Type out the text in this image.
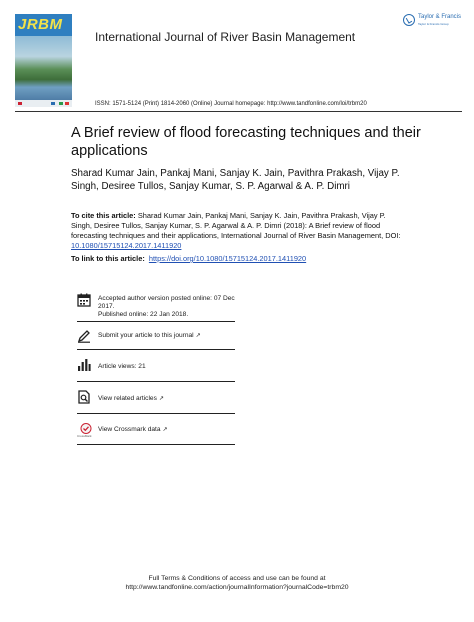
JRBM
International Journal of River Basin Management
Taylor & Francis
Taylor & Francis Group
ISSN: 1571-5124 (Print) 1814-2060 (Online) Journal homepage: http://www.tandfonline.com/loi/trbm20
A Brief review of flood forecasting techniques and their applications
Sharad Kumar Jain, Pankaj Mani, Sanjay K. Jain, Pavithra Prakash, Vijay P. Singh, Desiree Tullos, Sanjay Kumar, S. P. Agarwal & A. P. Dimri
To cite this article: Sharad Kumar Jain, Pankaj Mani, Sanjay K. Jain, Pavithra Prakash, Vijay P. Singh, Desiree Tullos, Sanjay Kumar, S. P. Agarwal & A. P. Dimri (2018): A Brief review of flood forecasting techniques and their applications, International Journal of River Basin Management, DOI: 10.1080/15715124.2017.1411920
To link to this article: https://doi.org/10.1080/15715124.2017.1411920
Accepted author version posted online: 07 Dec 2017.
Published online: 22 Jan 2018.
Submit your article to this journal ↗
Article views: 21
View related articles ↗
CrossMark
View Crossmark data ↗
Full Terms & Conditions of access and use can be found at
http://www.tandfonline.com/action/journalInformation?journalCode=trbm20
